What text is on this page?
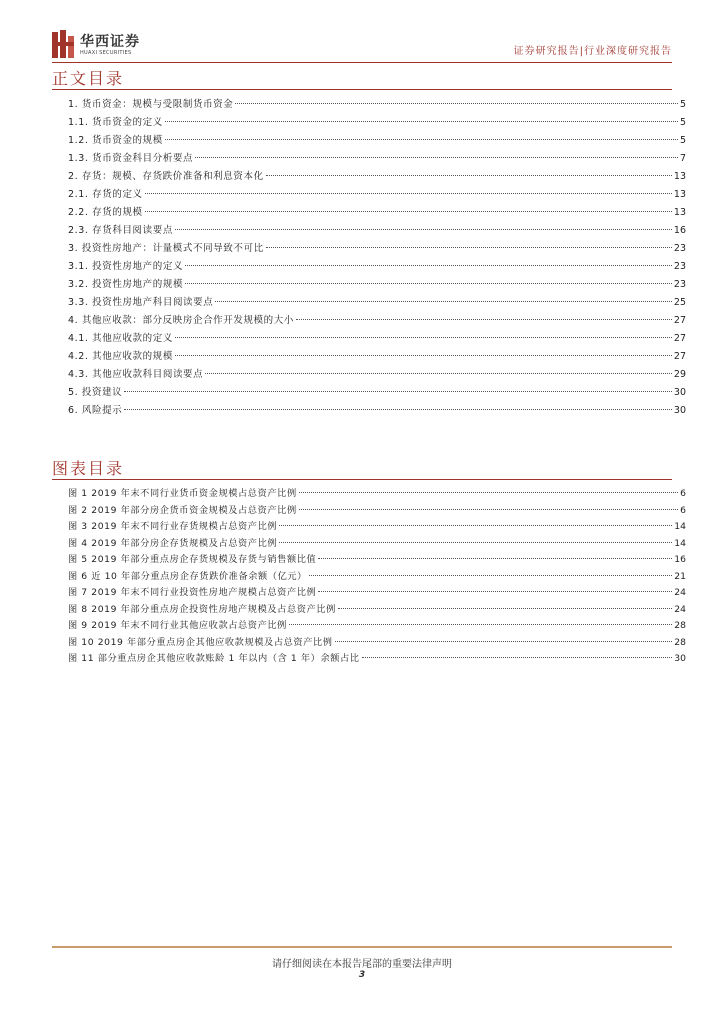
华西证券
HUAXI SECURITIES	证券研究报告|行业深度研究报告
正文目录
1. 货币资金：规模与受限制货币资金	5
1.1. 货币资金的定义	5
1.2. 货币资金的规模	5
1.3. 货币资金科目分析要点	7
2. 存货：规模、存货跌价准备和利息资本化	13
2.1. 存货的定义	13
2.2. 存货的规模	13
2.3. 存货科目阅读要点	16
3. 投资性房地产：计量模式不同导致不可比	23
3.1. 投资性房地产的定义	23
3.2. 投资性房地产的规模	23
3.3. 投资性房地产科目阅读要点	25
4. 其他应收款：部分反映房企合作开发规模的大小	27
4.1. 其他应收款的定义	27
4.2. 其他应收款的规模	27
4.3. 其他应收款科目阅读要点	29
5. 投资建议	30
6. 风险提示	30
图表目录
图 1 2019 年末不同行业货币资金规模占总资产比例	6
图 2 2019 年部分房企货币资金规模及占总资产比例	6
图 3 2019 年末不同行业存货规模占总资产比例	14
图 4 2019 年部分房企存货规模及占总资产比例	14
图 5 2019 年部分重点房企存货规模及存货与销售额比值	16
图 6 近 10 年部分重点房企存货跌价准备余额（亿元）	21
图 7 2019 年末不同行业投资性房地产规模占总资产比例	24
图 8 2019 年部分重点房企投资性房地产规模及占总资产比例	24
图 9 2019 年末不同行业其他应收款占总资产比例	28
图 10 2019 年部分重点房企其他应收款规模及占总资产比例	28
图 11 部分重点房企其他应收款账龄 1 年以内（含 1 年）余额占比	30
请仔细阅读在本报告尾部的重要法律声明
3
